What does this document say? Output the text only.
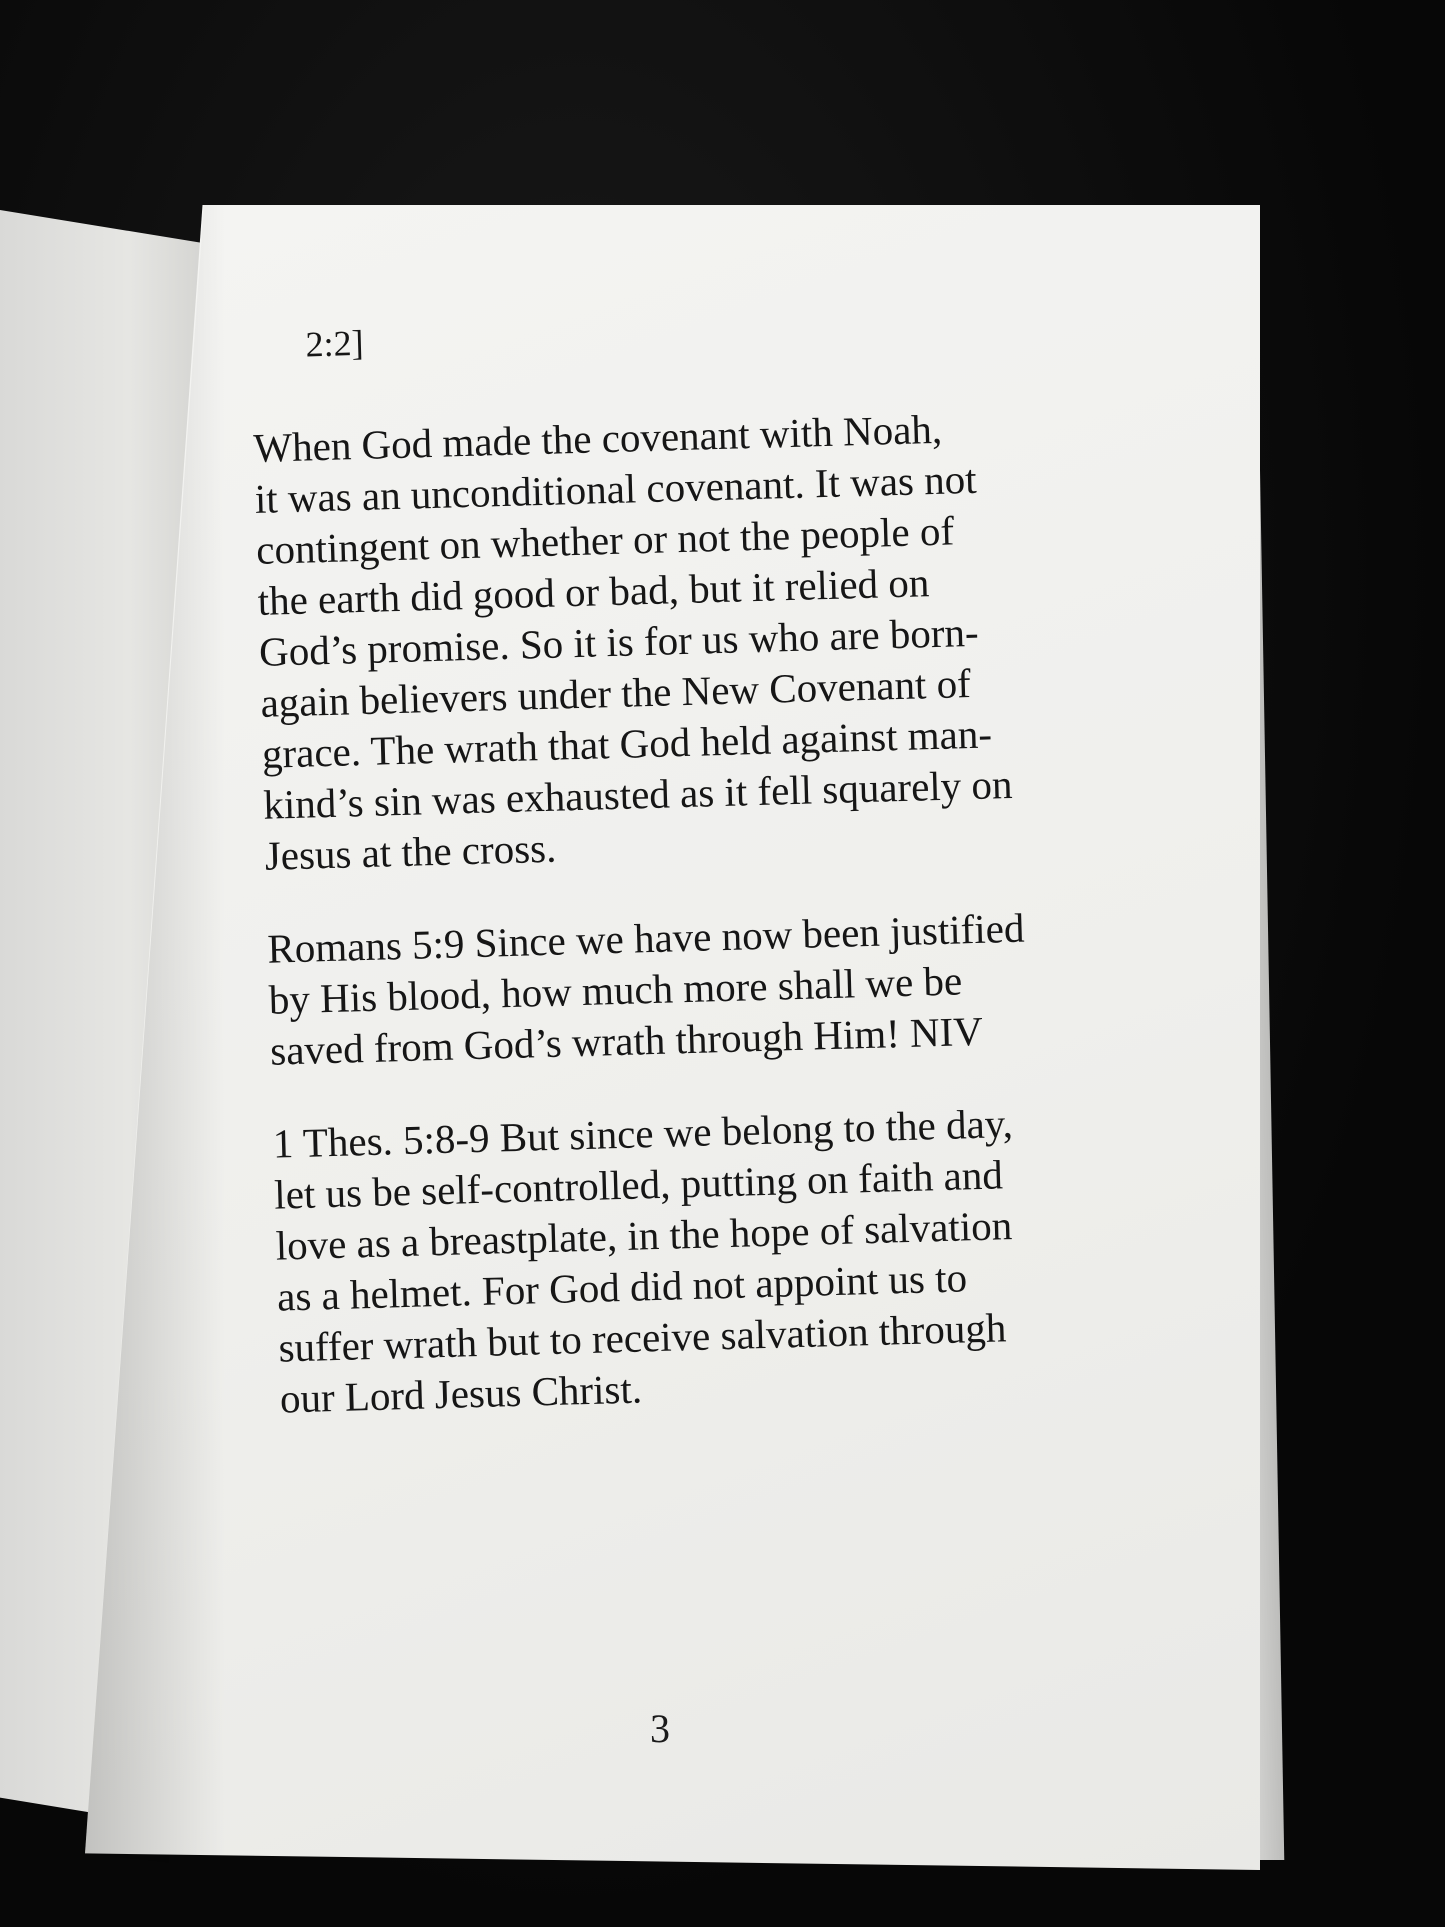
2:2]

When God made the covenant with Noah,
it was an unconditional covenant. It was not
contingent on whether or not the people of
the earth did good or bad, but it relied on
God’s promise. So it is for us who are born-
again believers under the New Covenant of
grace. The wrath that God held against man-
kind’s sin was exhausted as it fell squarely on
Jesus at the cross.

Romans 5:9 Since we have now been justified
by His blood, how much more shall we be
saved from God’s wrath through Him! NIV

1 Thes. 5:8-9 But since we belong to the day,
let us be self-controlled, putting on faith and
love as a breastplate, in the hope of salvation
as a helmet. For God did not appoint us to
suffer wrath but to receive salvation through
our Lord Jesus Christ.

3
